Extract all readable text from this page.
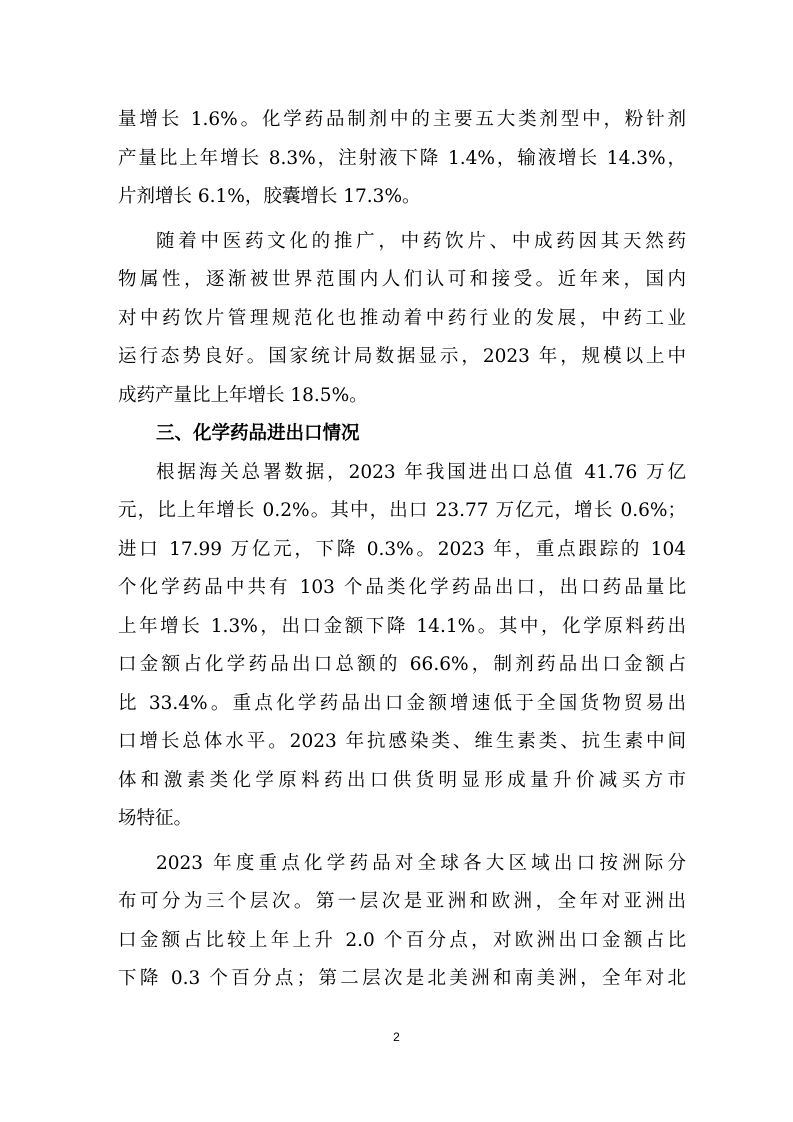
量增长 1.6%。化学药品制剂中的主要五大类剂型中，粉针剂
产量比上年增长 8.3%，注射液下降 1.4%，输液增长 14.3%，
片剂增长 6.1%，胶囊增长 17.3%。
随着中医药文化的推广，中药饮片、中成药因其天然药
物属性，逐渐被世界范围内人们认可和接受。近年来，国内
对中药饮片管理规范化也推动着中药行业的发展，中药工业
运行态势良好。国家统计局数据显示，2023 年，规模以上中
成药产量比上年增长 18.5%。
三、化学药品进出口情况
根据海关总署数据，2023 年我国进出口总值 41.76 万亿
元，比上年增长 0.2%。其中，出口 23.77 万亿元，增长 0.6%；
进口 17.99 万亿元，下降 0.3%。2023 年，重点跟踪的 104
个化学药品中共有 103 个品类化学药品出口，出口药品量比
上年增长 1.3%，出口金额下降 14.1%。其中，化学原料药出
口金额占化学药品出口总额的 66.6%，制剂药品出口金额占
比 33.4%。重点化学药品出口金额增速低于全国货物贸易出
口增长总体水平。2023 年抗感染类、维生素类、抗生素中间
体和激素类化学原料药出口供货明显形成量升价减买方市
场特征。
2023 年度重点化学药品对全球各大区域出口按洲际分
布可分为三个层次。第一层次是亚洲和欧洲，全年对亚洲出
口金额占比较上年上升 2.0 个百分点，对欧洲出口金额占比
下降 0.3 个百分点；第二层次是北美洲和南美洲，全年对北
2
